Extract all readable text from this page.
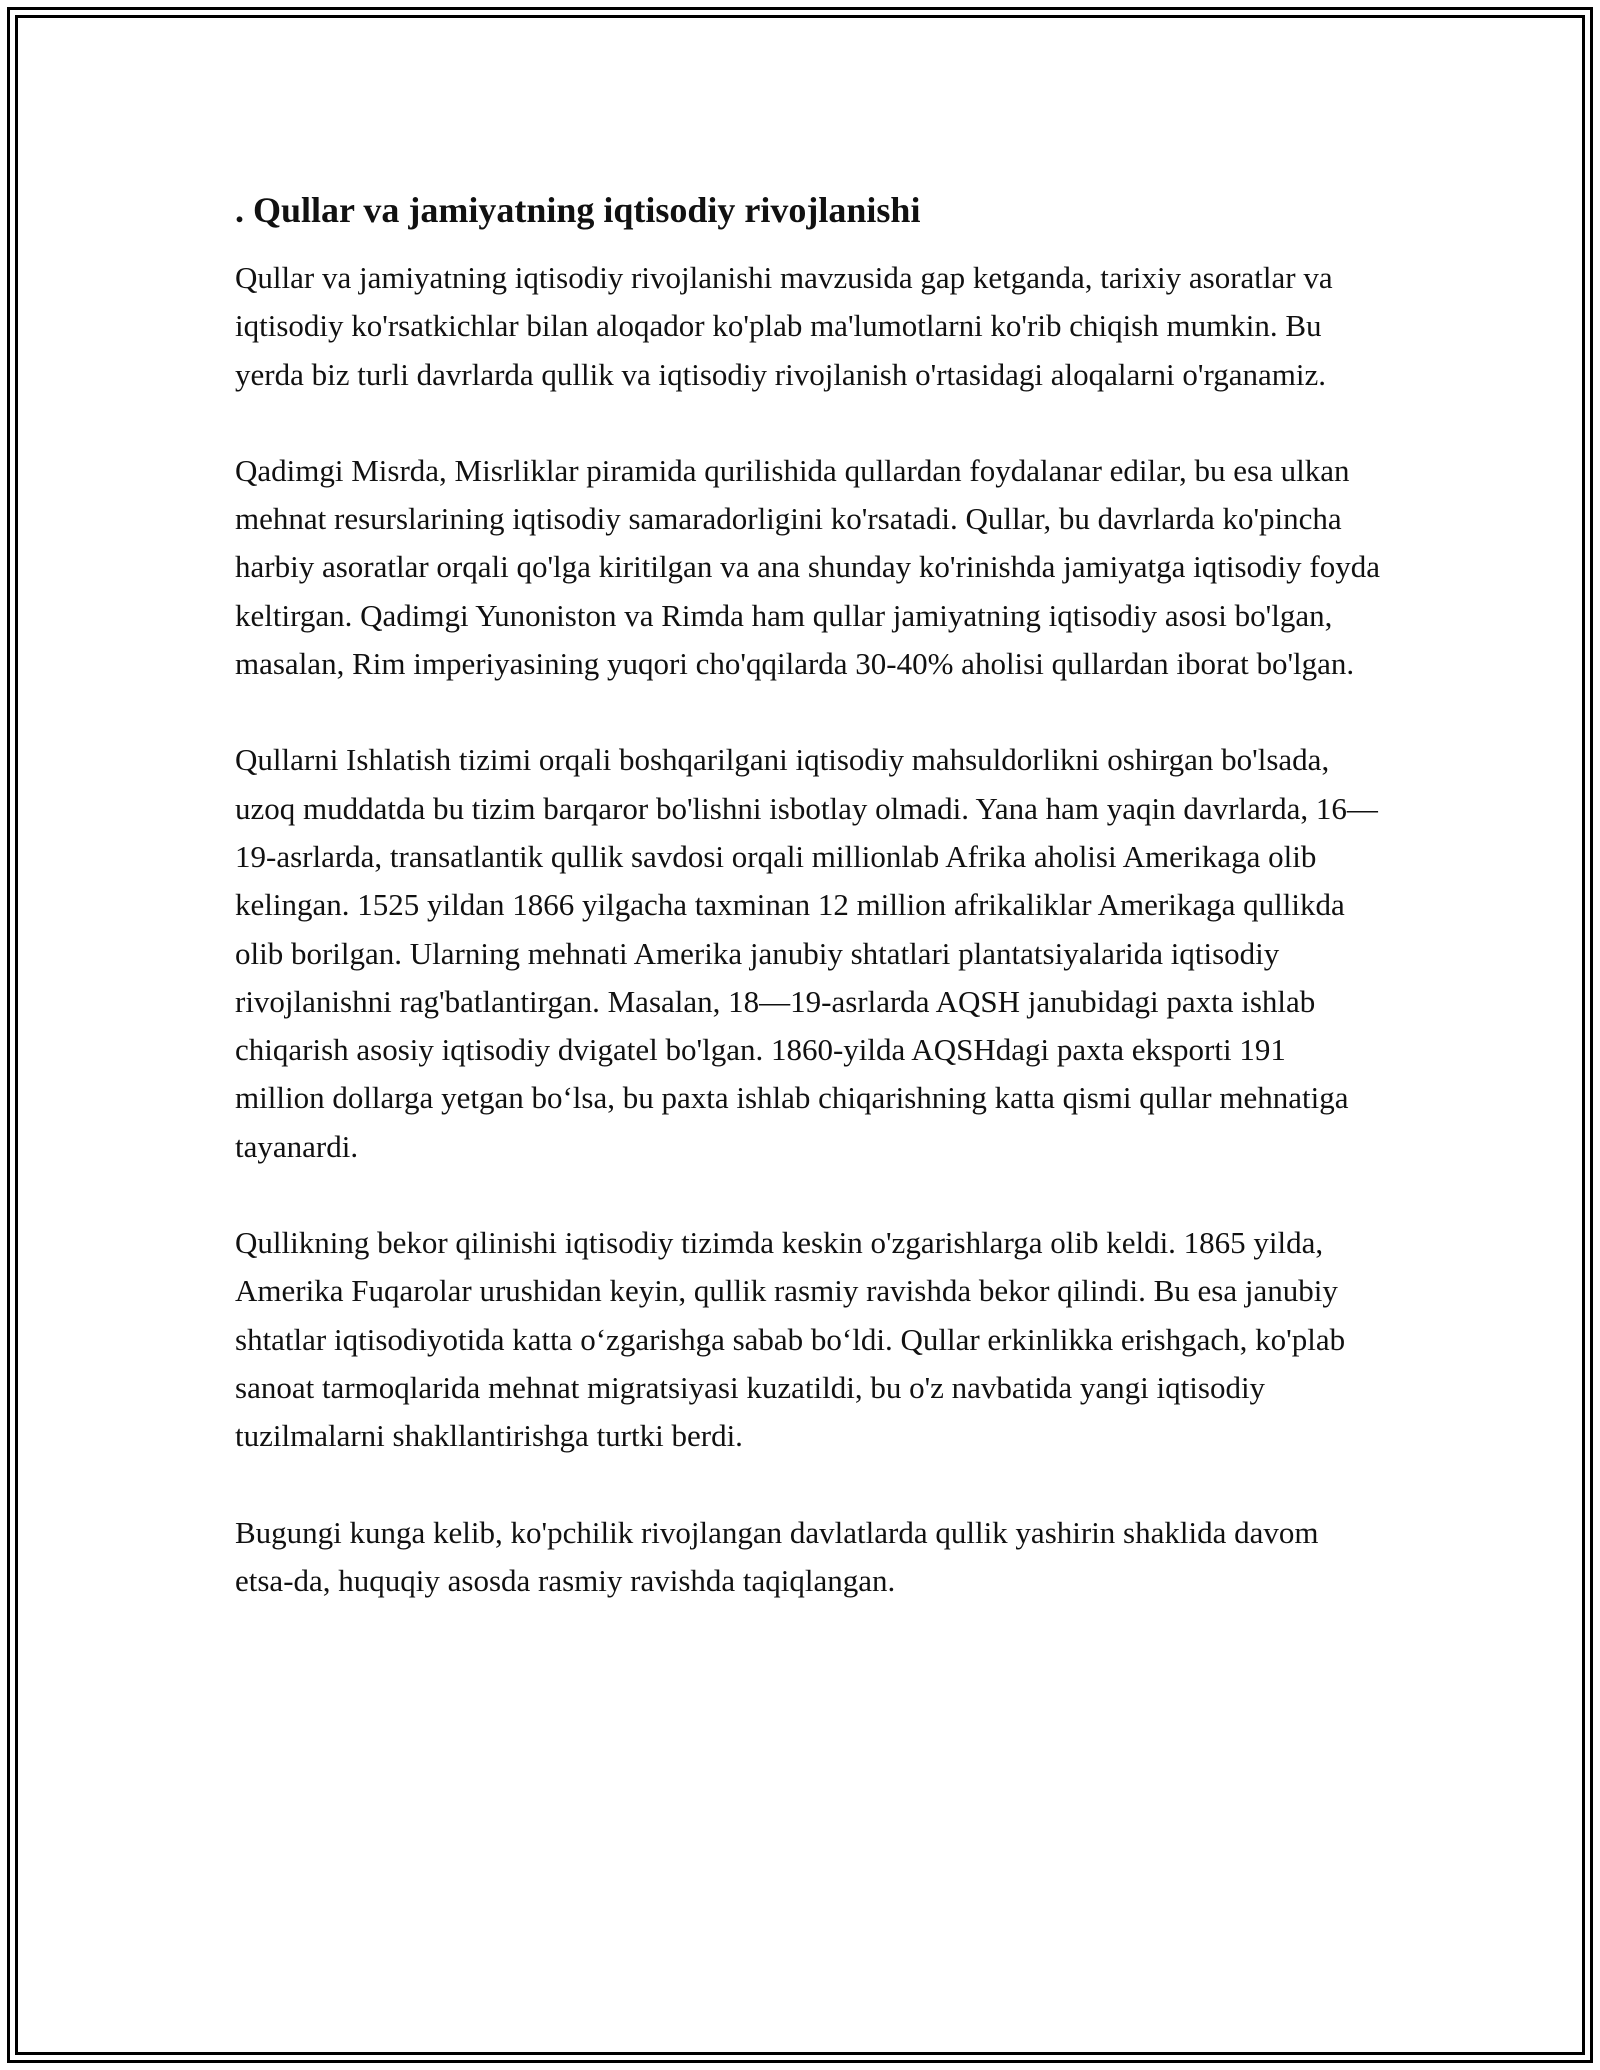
. Qullar va jamiyatning iqtisodiy rivojlanishi

Qullar va jamiyatning iqtisodiy rivojlanishi mavzusida gap ketganda, tarixiy asoratlar va iqtisodiy ko'rsatkichlar bilan aloqador ko'plab ma'lumotlarni ko'rib chiqish mumkin. Bu yerda biz turli davrlarda qullik va iqtisodiy rivojlanish o'rtasidagi aloqalarni o'rganamiz.

Qadimgi Misrda, Misrliklar piramida qurilishida qullardan foydalanar edilar, bu esa ulkan mehnat resurslarining iqtisodiy samaradorligini ko'rsatadi. Qullar, bu davrlarda ko'pincha harbiy asoratlar orqali qo'lga kiritilgan va ana shunday ko'rinishda jamiyatga iqtisodiy foyda keltirgan. Qadimgi Yunoniston va Rimda ham qullar jamiyatning iqtisodiy asosi bo'lgan, masalan, Rim imperiyasining yuqori cho'qqilarda 30-40% aholisi qullardan iborat bo'lgan.

Qullarni Ishlatish tizimi orqali boshqarilgani iqtisodiy mahsuldorlikni oshirgan bo'lsada, uzoq muddatda bu tizim barqaror bo'lishni isbotlay olmadi. Yana ham yaqin davrlarda, 16—19-asrlarda, transatlantik qullik savdosi orqali millionlab Afrika aholisi Amerikaga olib kelingan. 1525 yildan 1866 yilgacha taxminan 12 million afrikaliklar Amerikaga qullikda olib borilgan. Ularning mehnati Amerika janubiy shtatlari plantatsiyalarida iqtisodiy rivojlanishni rag'batlantirgan. Masalan, 18—19-asrlarda AQSH janubidagi paxta ishlab chiqarish asosiy iqtisodiy dvigatel bo'lgan. 1860-yilda AQSHdagi paxta eksporti 191 million dollarga yetgan bo‘lsa, bu paxta ishlab chiqarishning katta qismi qullar mehnatiga tayanardi.

Qullikning bekor qilinishi iqtisodiy tizimda keskin o'zgarishlarga olib keldi. 1865 yilda, Amerika Fuqarolar urushidan keyin, qullik rasmiy ravishda bekor qilindi. Bu esa janubiy shtatlar iqtisodiyotida katta o‘zgarishga sabab bo‘ldi. Qullar erkinlikka erishgach, ko'plab sanoat tarmoqlarida mehnat migratsiyasi kuzatildi, bu o'z navbatida yangi iqtisodiy tuzilmalarni shakllantirishga turtki berdi.

Bugungi kunga kelib, ko'pchilik rivojlangan davlatlarda qullik yashirin shaklida davom etsa-da, huquqiy asosda rasmiy ravishda taqiqlangan.
